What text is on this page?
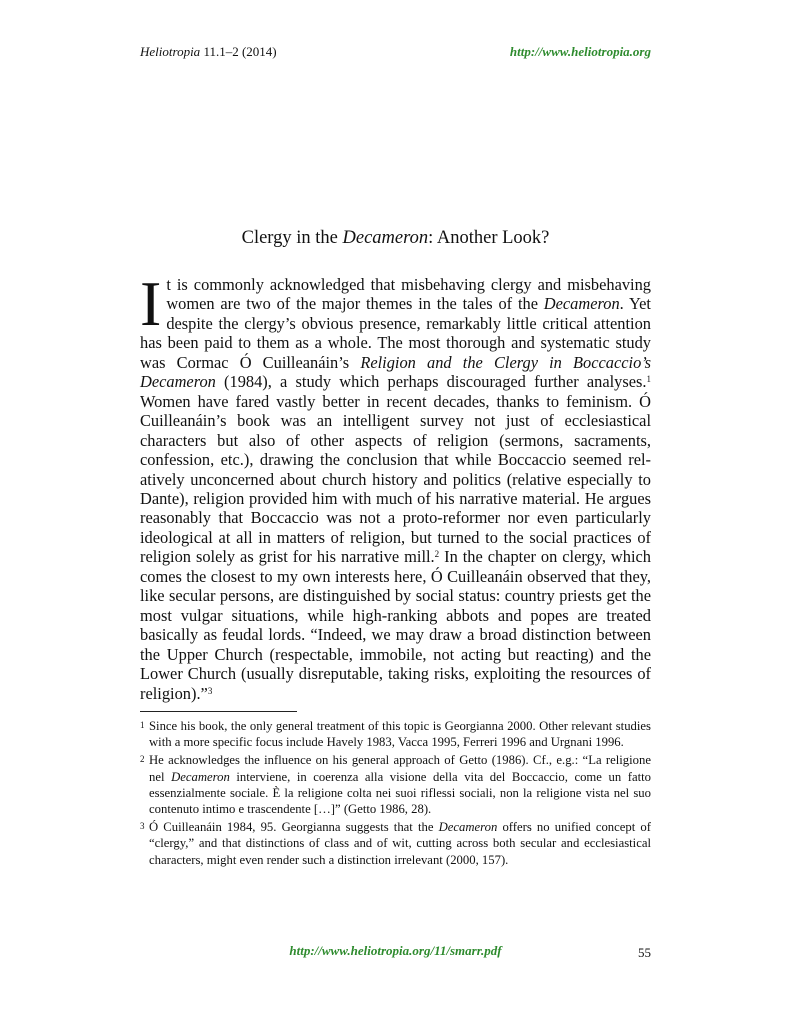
Heliotropia 11.1–2 (2014)	http://www.heliotropia.org
Clergy in the Decameron: Another Look?
It is commonly acknowledged that misbehaving clergy and misbehaving women are two of the major themes in the tales of the Decameron. Yet despite the clergy’s obvious presence, remarkably little critical attention has been paid to them as a whole. The most thorough and systematic study was Cormac Ó Cuilleanáin’s Religion and the Clergy in Boccaccio’s Decameron (1984), a study which perhaps discouraged further analyses.$^1$ Women have fared vastly better in recent decades, thanks to feminism. Ó Cuilleanáin’s book was an intelligent survey not just of ecclesiastical characters but also of other aspects of religion (sermons, sacraments, confession, etc.), drawing the conclusion that while Boccaccio seemed relatively unconcerned about church history and politics (relative especially to Dante), religion provided him with much of his narrative material. He argues reasonably that Boccaccio was not a proto-reformer nor even particularly ideological at all in matters of religion, but turned to the social practices of religion solely as grist for his narrative mill.$^2$ In the chapter on clergy, which comes the closest to my own interests here, Ó Cuilleanáin observed that they, like secular persons, are distinguished by social status: country priests get the most vulgar situations, while high-ranking abbots and popes are treated basically as feudal lords. “Indeed, we may draw a broad distinction between the Upper Church (respectable, immobile, not acting but reacting) and the Lower Church (usually disreputable, taking risks, exploiting the resources of religion).”$^3$
1 Since his book, the only general treatment of this topic is Georgianna 2000. Other relevant studies with a more specific focus include Havely 1983, Vacca 1995, Ferreri 1996 and Urgnani 1996.
2 He acknowledges the influence on his general approach of Getto (1986). Cf., e.g.: “La religione nel Decameron interviene, in coerenza alla visione della vita del Boccaccio, come un fatto essenzialmente sociale. È la religione colta nei suoi riflessi sociali, non la religione vista nel suo contenuto intimo e trascendente […]” (Getto 1986, 28).
3 Ó Cuilleanáin 1984, 95. Georgianna suggests that the Decameron offers no unified concept of “clergy,” and that distinctions of class and of wit, cutting across both secular and ecclesiastical characters, might even render such a distinction irrelevant (2000, 157).
http://www.heliotropia.org/11/smarr.pdf	55
